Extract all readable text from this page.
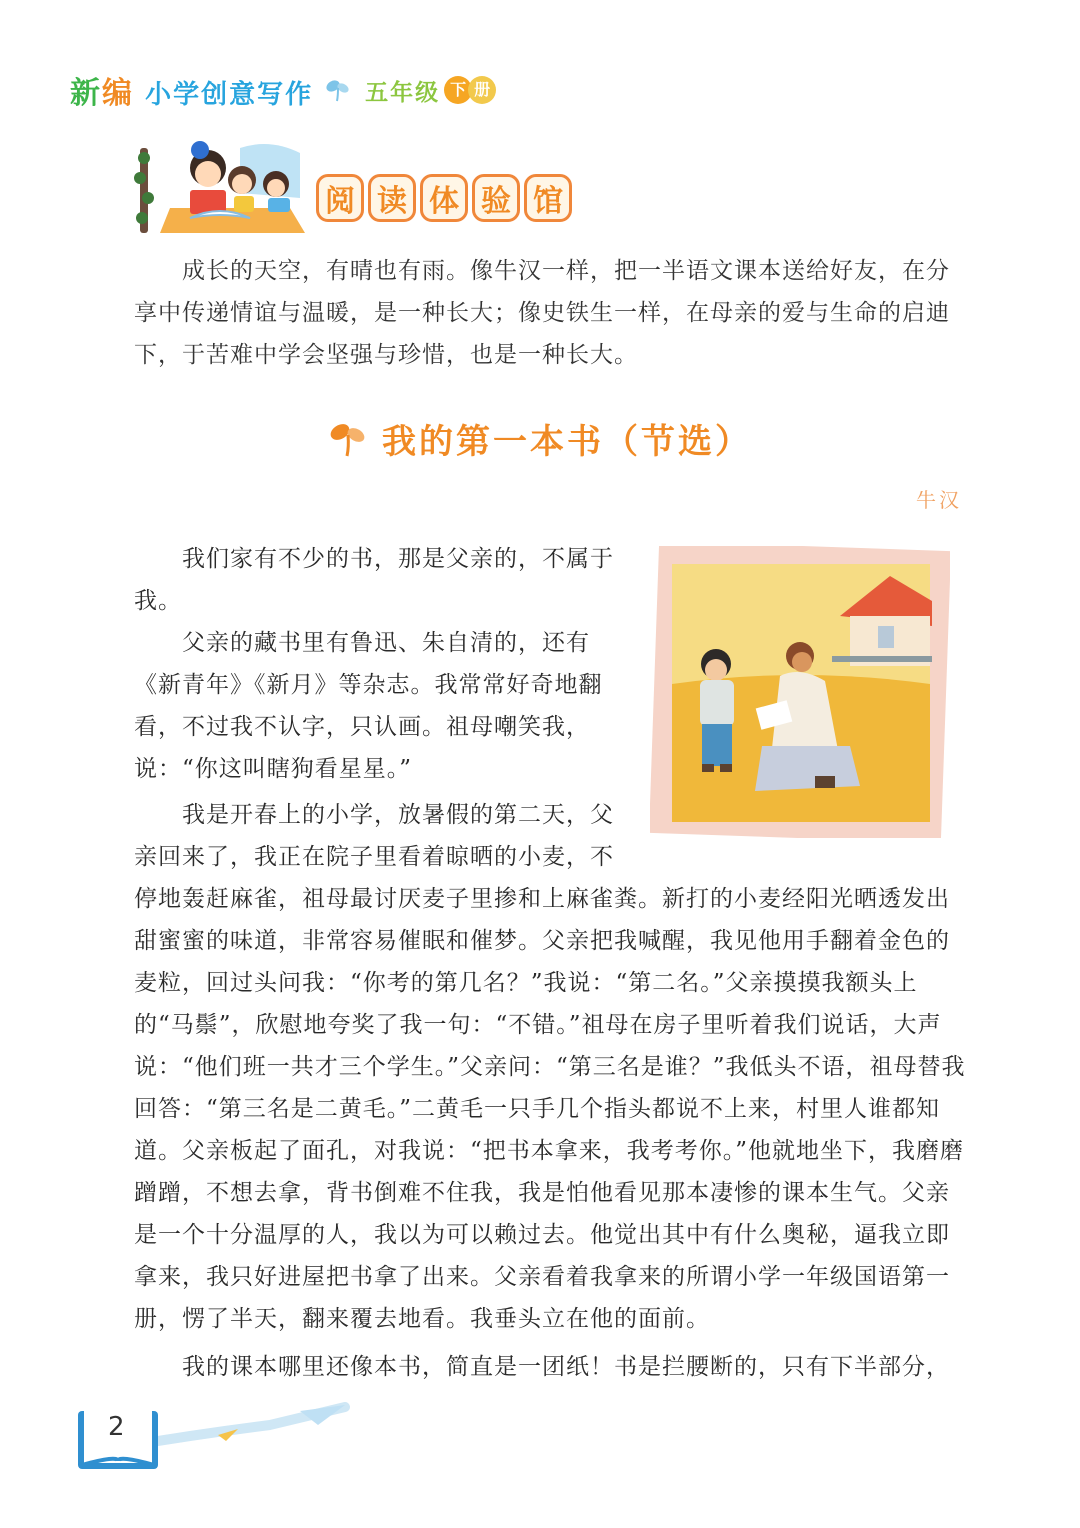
新编 小学创意写作 五年级 下 册
阅 读 体 验 馆

成长的天空，有晴也有雨。像牛汉一样，把一半语文课本送给好友，在分享中传递情谊与温暖，是一种长大；像史铁生一样，在母亲的爱与生命的启迪下，于苦难中学会坚强与珍惜，也是一种长大。

我的第一本书（节选）
牛汉

我们家有不少的书，那是父亲的，不属于我。

父亲的藏书里有鲁迅、朱自清的，还有《新青年》《新月》等杂志。我常常好奇地翻看，不过我不认字，只认画。祖母嘲笑我，说：“你这叫瞎狗看星星。”

我是开春上的小学，放暑假的第二天，父亲回来了，我正在院子里看着晾晒的小麦，不

停地轰赶麻雀，祖母最讨厌麦子里掺和上麻雀粪。新打的小麦经阳光晒透发出甜蜜蜜的味道，非常容易催眠和催梦。父亲把我喊醒，我见他用手翻着金色的麦粒，回过头问我：“你考的第几名？”我说：“第二名。”父亲摸摸我额头上的“马鬃”，欣慰地夸奖了我一句：“不错。”祖母在房子里听着我们说话，大声说：“他们班一共才三个学生。”父亲问：“第三名是谁？”我低头不语，祖母替我回答：“第三名是二黄毛。”二黄毛一只手几个指头都说不上来，村里人谁都知道。父亲板起了面孔，对我说：“把书本拿来，我考考你。”他就地坐下，我磨磨蹭蹭，不想去拿，背书倒难不住我，我是怕他看见那本凄惨的课本生气。父亲是一个十分温厚的人，我以为可以赖过去。他觉出其中有什么奥秘，逼我立即拿来，我只好进屋把书拿了出来。父亲看着我拿来的所谓小学一年级国语第一册，愣了半天，翻来覆去地看。我垂头立在他的面前。

我的课本哪里还像本书，简直是一团纸！书是拦腰断的，只有下半部分，

2
